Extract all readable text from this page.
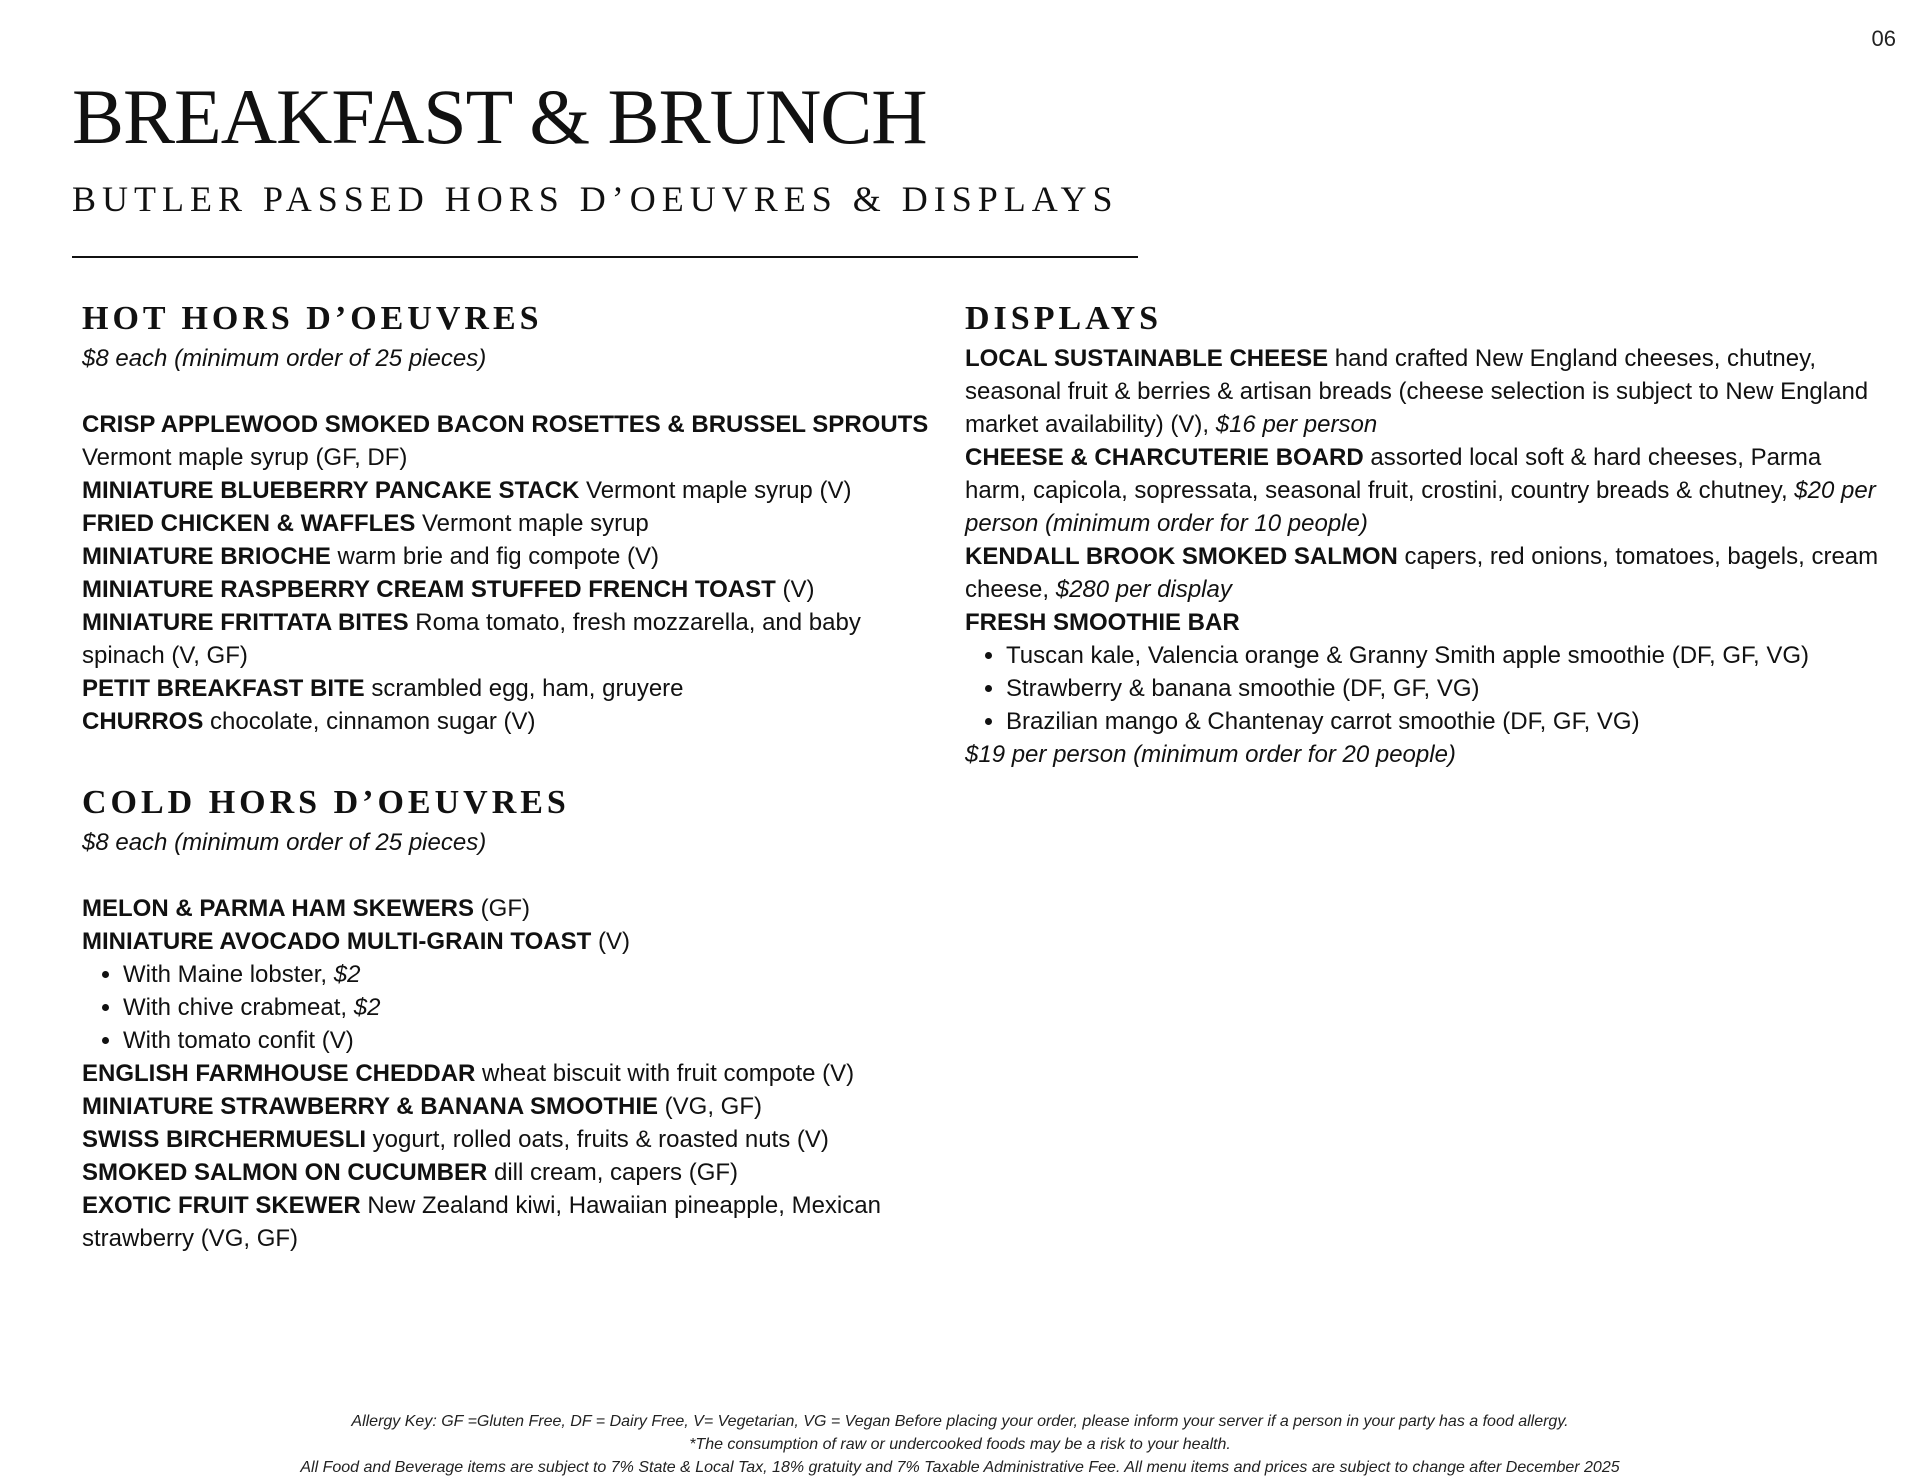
06
BREAKFAST & BRUNCH
BUTLER PASSED HORS D’OEUVRES & DISPLAYS
HOT HORS D’OEUVRES

$8 each (minimum order of 25 pieces)

CRISP APPLEWOOD SMOKED BACON ROSETTES & BRUSSEL SPROUTS Vermont maple syrup (GF, DF)
MINIATURE BLUEBERRY PANCAKE STACK Vermont maple syrup (V)
FRIED CHICKEN & WAFFLES Vermont maple syrup
MINIATURE BRIOCHE warm brie and fig compote (V)
MINIATURE RASPBERRY CREAM STUFFED FRENCH TOAST (V)
MINIATURE FRITTATA BITES Roma tomato, fresh mozzarella, and baby spinach (V, GF)
PETIT BREAKFAST BITE scrambled egg, ham, gruyere
CHURROS chocolate, cinnamon sugar (V)
COLD HORS D’OEUVRES

$8 each (minimum order of 25 pieces)

MELON & PARMA HAM SKEWERS (GF)
MINIATURE AVOCADO MULTI-GRAIN TOAST (V)
• With Maine lobster, $2
• With chive crabmeat, $2
• With tomato confit (V)
ENGLISH FARMHOUSE CHEDDAR wheat biscuit with fruit compote (V)
MINIATURE STRAWBERRY & BANANA SMOOTHIE (VG, GF)
SWISS BIRCHERMUESLI yogurt, rolled oats, fruits & roasted nuts (V)
SMOKED SALMON ON CUCUMBER dill cream, capers (GF)
EXOTIC FRUIT SKEWER New Zealand kiwi, Hawaiian pineapple, Mexican strawberry (VG, GF)
DISPLAYS
LOCAL SUSTAINABLE CHEESE hand crafted New England cheeses, chutney, seasonal fruit & berries & artisan breads (cheese selection is subject to New England market availability) (V), $16 per person
CHEESE & CHARCUTERIE BOARD assorted local soft & hard cheeses, Parma harm, capicola, sopressata, seasonal fruit, crostini, country breads & chutney, $20 per person (minimum order for 10 people)
KENDALL BROOK SMOKED SALMON capers, red onions, tomatoes, bagels, cream cheese, $280 per display
FRESH SMOOTHIE BAR
• Tuscan kale, Valencia orange & Granny Smith apple smoothie (DF, GF, VG)
• Strawberry & banana smoothie (DF, GF, VG)
• Brazilian mango & Chantenay carrot smoothie (DF, GF, VG)
$19 per person (minimum order for 20 people)
Allergy Key: GF =Gluten Free, DF = Dairy Free, V= Vegetarian, VG = Vegan Before placing your order, please inform your server if a person in your party has a food allergy.
*The consumption of raw or undercooked foods may be a risk to your health.
All Food and Beverage items are subject to 7% State & Local Tax, 18% gratuity and 7% Taxable Administrative Fee. All menu items and prices are subject to change after December 2025
